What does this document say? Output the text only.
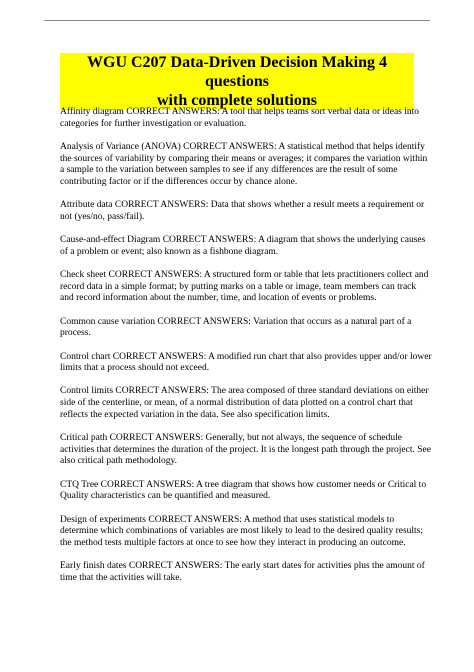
WGU C207 Data-Driven Decision Making 4 questions
with complete solutions

Affinity diagram CORRECT ANSWERS: A tool that helps teams sort verbal data or ideas into categories for further investigation or evaluation.

Analysis of Variance (ANOVA) CORRECT ANSWERS: A statistical method that helps identify the sources of variability by comparing their means or averages; it compares the variation within a sample to the variation between samples to see if any differences are the result of some contributing factor or if the differences occur by chance alone.

Attribute data CORRECT ANSWERS: Data that shows whether a result meets a requirement or not (yes/no, pass/fail).

Cause-and-effect Diagram CORRECT ANSWERS: A diagram that shows the underlying causes of a problem or event; also known as a fishbone diagram.

Check sheet CORRECT ANSWERS: A structured form or table that lets practitioners collect and record data in a simple format; by putting marks on a table or image, team members can track and record information about the number, time, and location of events or problems.

Common cause variation CORRECT ANSWERS: Variation that occurs as a natural part of a process.

Control chart CORRECT ANSWERS: A modified run chart that also provides upper and/or lower limits that a process should not exceed.

Control limits CORRECT ANSWERS: The area composed of three standard deviations on either side of the centerline, or mean, of a normal distribution of data plotted on a control chart that reflects the expected variation in the data. See also specification limits.

Critical path CORRECT ANSWERS: Generally, but not always, the sequence of schedule activities that determines the duration of the project. It is the longest path through the project. See also critical path methodology.

CTQ Tree CORRECT ANSWERS: A tree diagram that shows how customer needs or Critical to Quality characteristics can be quantified and measured.

Design of experiments CORRECT ANSWERS: A method that uses statistical models to determine which combinations of variables are most likely to lead to the desired quality results; the method tests multiple factors at once to see how they interact in producing an outcome.

Early finish dates CORRECT ANSWERS: The early start dates for activities plus the amount of time that the activities will take.
